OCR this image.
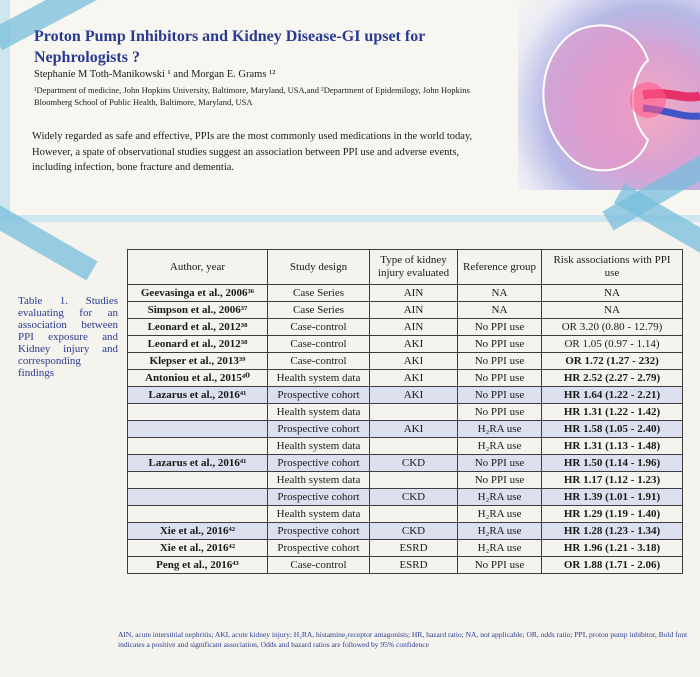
Proton Pump Inhibitors and Kidney Disease-GI upset for Nephrologists ?
Stephanie M Toth-Manikowski ¹ and Morgan E. Grams ¹²
¹Department of medicine, John Hopkins University, Baltimore, Maryland, USA,and ²Department of Epidemilogy, John Hopkins Bloomberg School of Public Health, Baltimore, Maryland, USA
Widely regarded as safe and effective, PPIs are the most commonly used medications in the world today, However, a spate of observational studies suggest an association between PPI use and adverse events, including infection, bone fracture and dementia.
Table 1. Studies evaluating for an association between PPI exposure and Kidney injury and corresponding findings
Author, year	Study design	Type of kidney injury evaluated	Reference group	Risk associations with PPI use
Geevasinga et al., 2006³⁶	Case Series	AIN	NA	NA
Simpson et al., 2006³⁷	Case Series	AIN	NA	NA
Leonard et al., 2012³⁸	Case-control	AIN	No PPI use	OR 3.20 (0.80 - 12.79)
Leonard et al., 2012³⁸	Case-control	AKI	No PPI use	OR 1.05 (0.97 - 1.14)
Klepser et al., 2013³⁹	Case-control	AKI	No PPI use	OR 1.72 (1.27 - 232)
Antoniou et al., 2015⁴⁰	Health system data	AKI	No PPI use	HR 2.52 (2.27 - 2.79)
Lazarus et al., 2016⁴¹	Prospective cohort	AKI	No PPI use	HR 1.64 (1.22 - 2.21)
	Health system data		No PPI use	HR 1.31 (1.22 - 1.42)
	Prospective cohort	AKI	H₂RA use	HR 1.58 (1.05 - 2.40)
	Health system data		H₂RA use	HR 1.31 (1.13 - 1.48)
Lazarus et al., 2016⁴¹	Prospective cohort	CKD	No PPI use	HR 1.50 (1.14 - 1.96)
	Health system data		No PPI use	HR 1.17 (1.12 - 1.23)
	Prospective cohort	CKD	H₂RA use	HR 1.39 (1.01 - 1.91)
	Health system data		H₂RA use	HR 1.29 (1.19 - 1.40)
Xie et al., 2016⁴²	Prospective cohort	CKD	H₂RA use	HR 1.28 (1.23 - 1.34)
Xie et al., 2016⁴²	Prospective cohort	ESRD	H₂RA use	HR 1.96 (1.21 - 3.18)
Peng et al., 2016⁴³	Case-control	ESRD	No PPI use	OR 1.88 (1.71 - 2.06)
AIN, acute interstitial nephritis; AKI, acute kidney injury; H₂RA, histamine₂receptor antagonists; HR, hazard ratio; NA, not applicable; OR, odds ratio; PPI, proton pump inhibitor, Bold font indicates a positive and significant association, Odds and hazard ratios are followed by 95% confidence
